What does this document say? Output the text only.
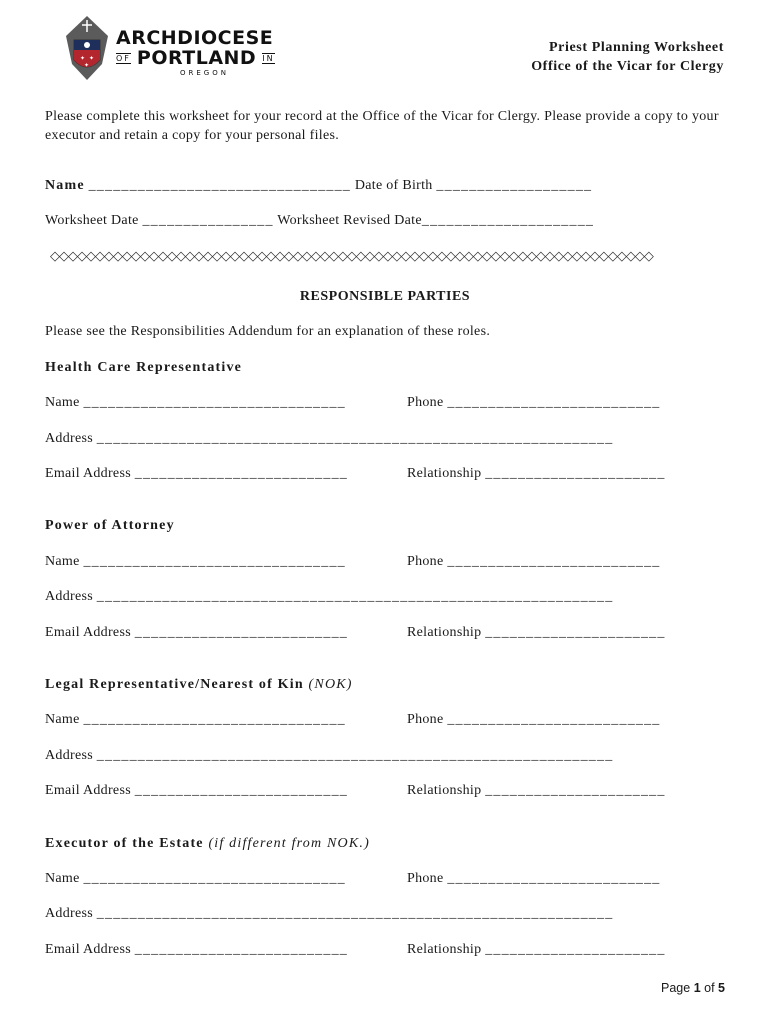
✦ ✦
✦
ARCHDIOCESE
OF PORTLAND IN
OREGON
Priest Planning Worksheet
Office of the Vicar for Clergy
Please complete this worksheet for your record at the Office of the Vicar for Clergy. Please provide a copy to your executor and retain a copy for your personal files.
Name ________________________________ Date of Birth ___________________
Worksheet Date ________________ Worksheet Revised Date_____________________
◇◇◇◇◇◇◇◇◇◇◇◇◇◇◇◇◇◇◇◇◇◇◇◇◇◇◇◇◇◇◇◇◇◇◇◇◇◇◇◇◇◇◇◇◇◇◇◇◇◇◇◇◇◇◇◇◇◇◇◇◇◇◇◇◇◇◇
RESPONSIBLE PARTIES
Please see the Responsibilities Addendum for an explanation of these roles.
Health Care Representative
Name ________________________________	Phone __________________________
Address _______________________________________________________________
Email Address __________________________	Relationship ______________________
Power of Attorney
Name ________________________________	Phone __________________________
Address _______________________________________________________________
Email Address __________________________	Relationship ______________________
Legal Representative/Nearest of Kin (NOK)
Name ________________________________	Phone __________________________
Address _______________________________________________________________
Email Address __________________________	Relationship ______________________
Executor of the Estate (if different from NOK.)
Name ________________________________	Phone __________________________
Address _______________________________________________________________
Email Address __________________________	Relationship ______________________
Page 1 of 5
